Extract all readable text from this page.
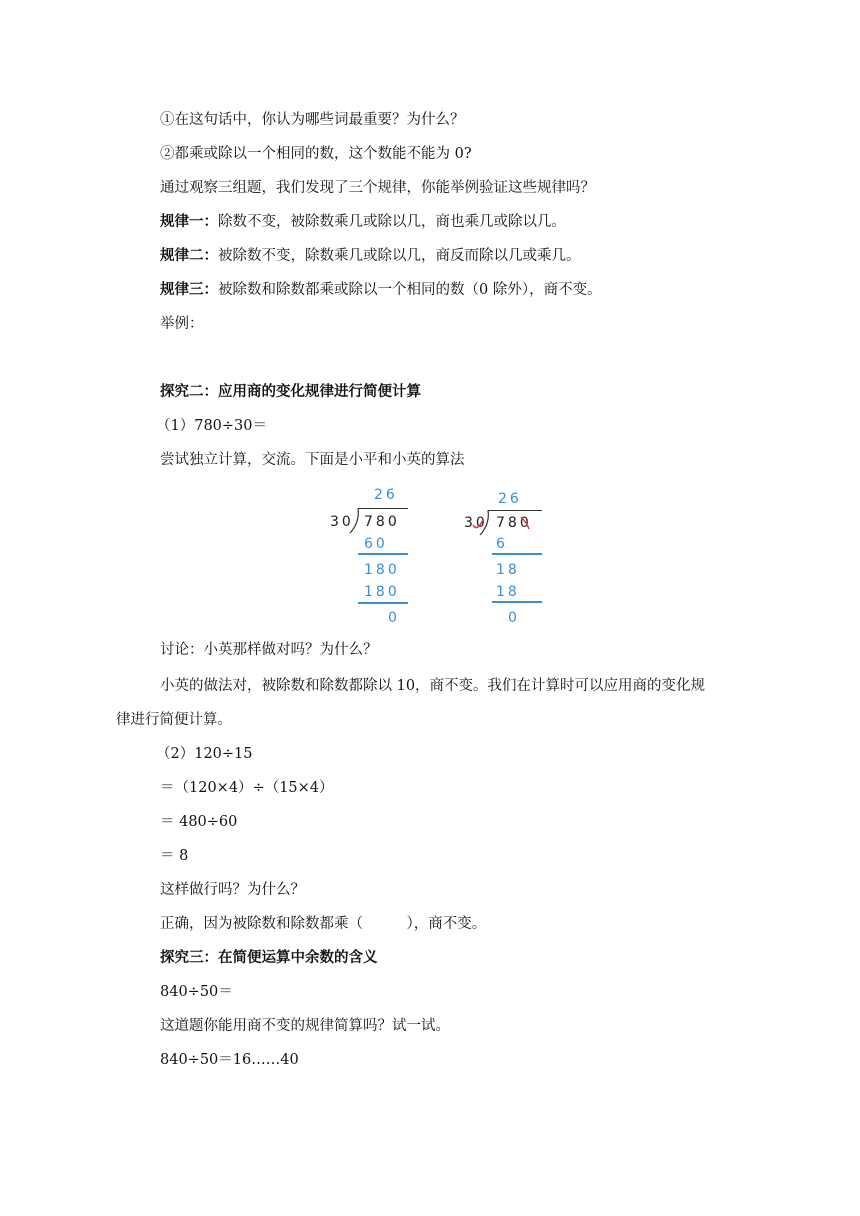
①在这句话中，你认为哪些词最重要？为什么？
②都乘或除以一个相同的数，这个数能不能为 0?
通过观察三组题，我们发现了三个规律，你能举例验证这些规律吗？
规律一：除数不变，被除数乘几或除以几，商也乘几或除以几。
规律二：被除数不变，除数乘几或除以几，商反而除以几或乘几。
规律三：被除数和除数都乘或除以一个相同的数（0 除外），商不变。
举例：
探究二：应用商的变化规律进行简便计算
（1）780÷30＝
尝试独立计算，交流。下面是小平和小英的算法
26
30 780
60
180
180
0
26
30 780
6
18
18
0
讨论：小英那样做对吗？为什么？
小英的做法对，被除数和除数都除以 10，商不变。我们在计算时可以应用商的变化规
律进行简便计算。
（2）120÷15
＝（120×4）÷（15×4）
＝ 480÷60
＝ 8
这样做行吗？为什么？
正确，因为被除数和除数都乘（　　　），商不变。
探究三：在简便运算中余数的含义
840÷50＝
这道题你能用商不变的规律简算吗？试一试。
840÷50＝16……40
